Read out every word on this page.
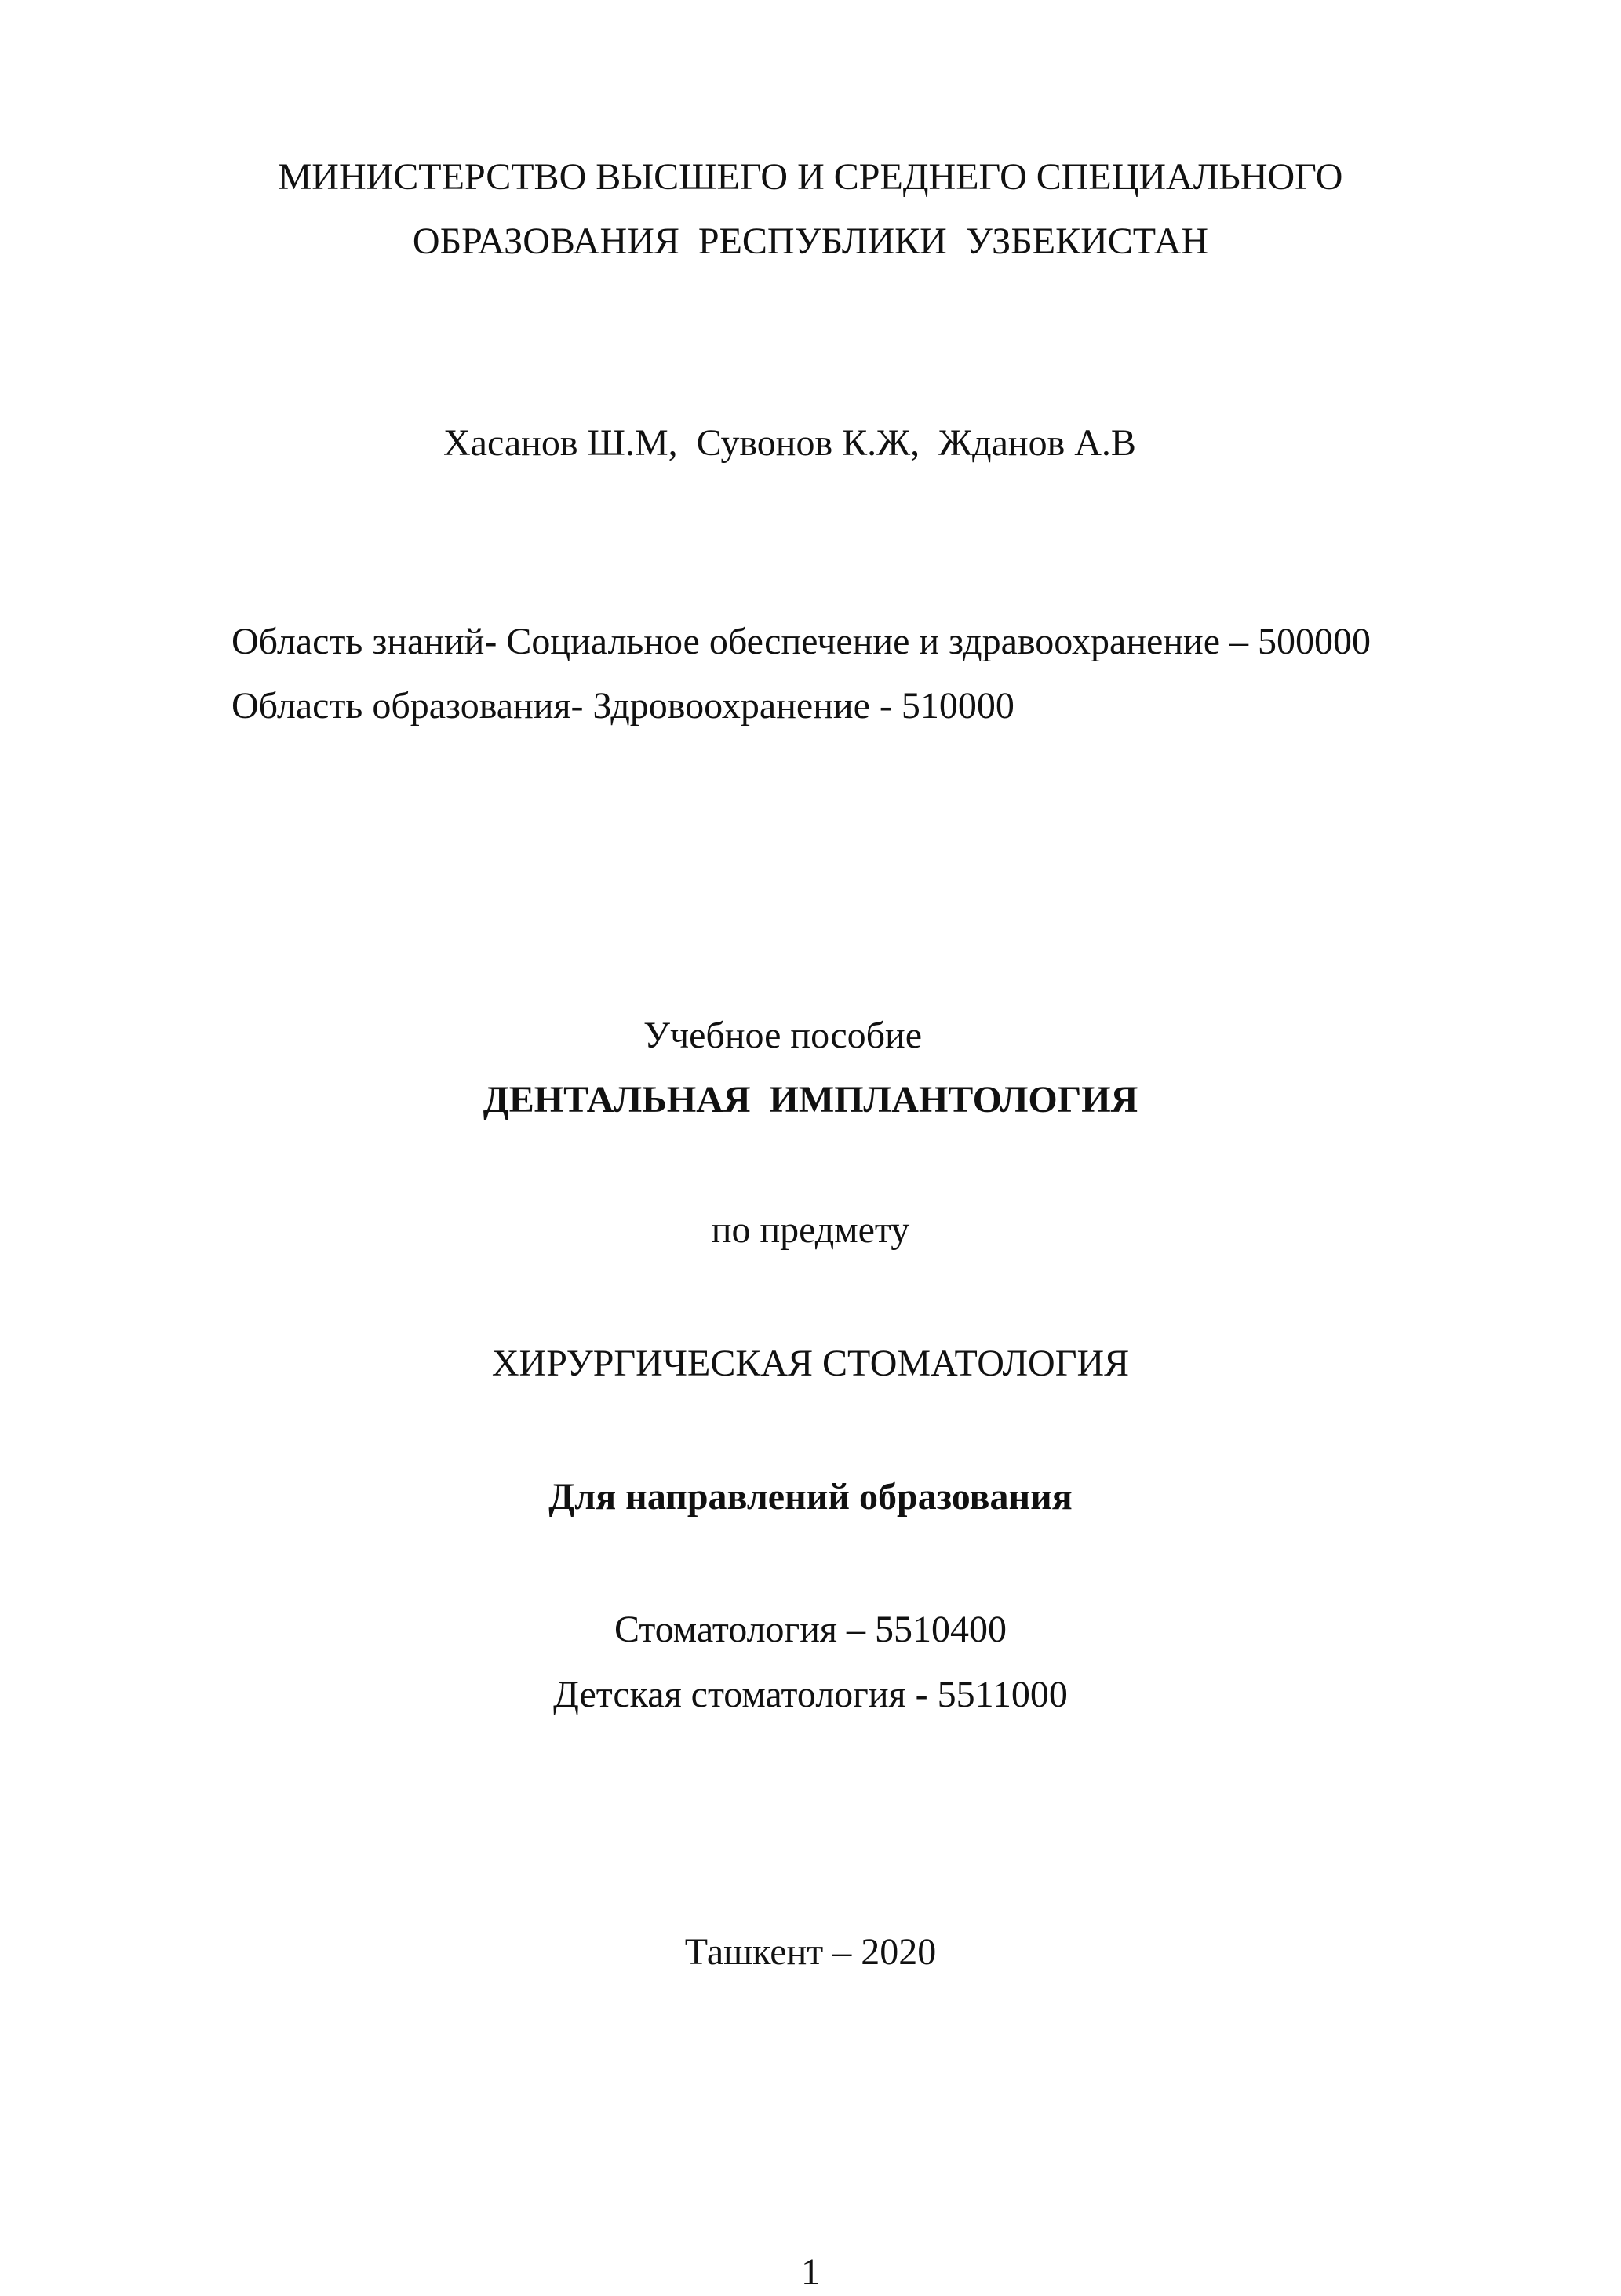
МИНИСТЕРСТВО ВЫСШЕГО И СРЕДНЕГО СПЕЦИАЛЬНОГО
ОБРАЗОВАНИЯ  РЕСПУБЛИКИ  УЗБЕКИСТАН
Хасанов Ш.М,  Сувонов К.Ж,  Жданов А.В
Область знаний- Социальное обеспечение и здравоохранение – 500000
Область образования- Здровоохранение - 510000
Учебное пособие
ДЕНТАЛЬНАЯ  ИМПЛАНТОЛОГИЯ
по предмету
ХИРУРГИЧЕСКАЯ СТОМАТОЛОГИЯ
Для направлений образования
Стоматология – 5510400
Детская стоматология - 5511000
Ташкент – 2020
1
